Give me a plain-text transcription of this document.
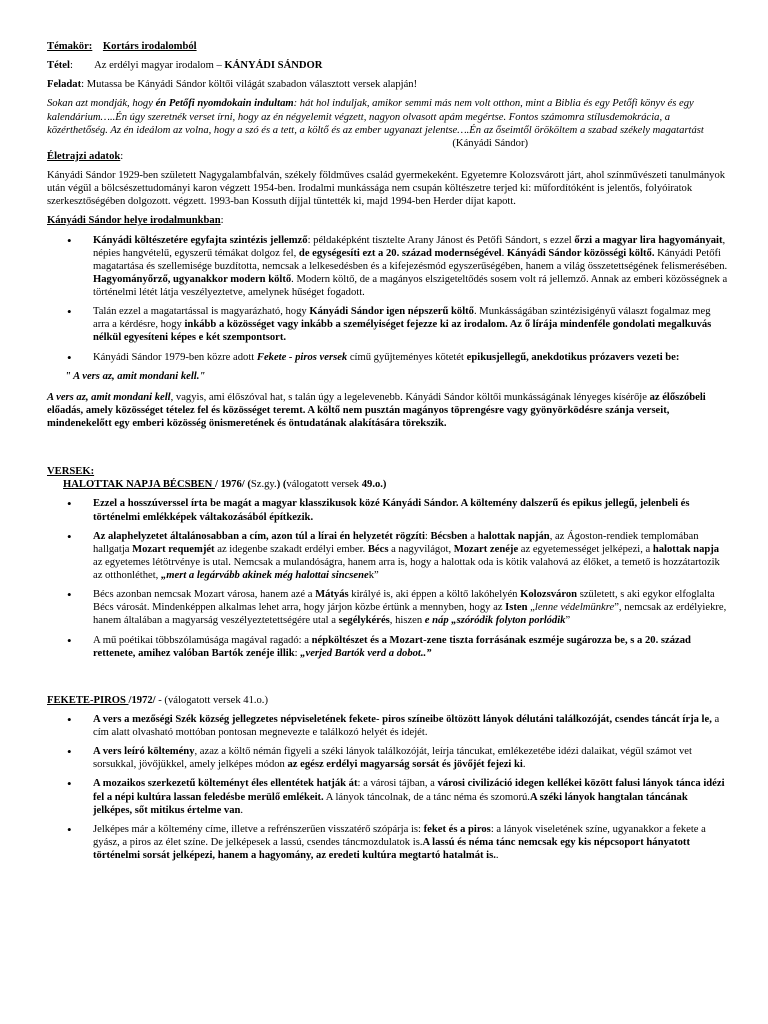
Témakör: Kortárs irodalomból

Tétel: Az erdélyi magyar irodalom – KÁNYÁDI SÁNDOR

Feladat: Mutassa be Kányádi Sándor költői világát szabadon választott versek alapján!

Sokan azt mondják, hogy én Petőfi nyomdokain indultam: hát hol induljak, amikor semmi más nem volt otthon, mint a Biblia és egy Petőfi könyv és egy kalendárium…..Én úgy szeretnék verset írni, hogy az én négyelemit végzett, nagyon olvasott apám megértse. Fontos számomra stílusdemokrácia, a közérthetőség. Az én ideálom az volna, hogy a szó és a tett, a költő és az ember ugyanazt jelentse….Én az őseimtől örököltem a szabad székely magatartást
(Kányádi Sándor)

Életrajzi adatok:

Kányádi Sándor 1929-ben született Nagygalambfalván, székely földműves család gyermekeként. Egyetemre Kolozsvárott járt, ahol színművészeti tanulmányok után végül a bölcsészettudományi karon végzett 1954-ben. Irodalmi munkássága nem csupán költészetre terjed ki: műfordítóként is jelentős, folyóiratok szerkesztőségében dolgozott. végzett. 1993-ban Kossuth díjjal tüntették ki, majd 1994-ben Herder díjat kapott.

Kányádi Sándor helye irodalmunkban:

• Kányádi költészetére egyfajta szintézis jellemző: példaképként tisztelte Arany Jánost és Petőfi Sándort, s ezzel őrzi a magyar lira hagyományait, népies hangvételű, egyszerű témákat dolgoz fel, de egységesíti ezt a 20. század modernségével. Kányádi Sándor közösségi költő. Kányádi Petőfi magatartása és szellemisége buzdította, nemcsak a lelkesedésben és a kifejezésmód egyszerűségében, hanem a világ összetettségének felismerésében. Hagyományőrző, ugyanakkor modern költő. Modern költő, de a magányos elszigeteltődés sosem volt rá jellemző. Annak az emberi közösségnek a történelmi létét látja veszélyeztetve, amelynek hűséget fogadott.
• Talán ezzel a magatartással is magyarázható, hogy Kányádi Sándor igen népszerű költő. Munkásságában szintézisigényű választ fogalmaz meg arra a kérdésre, hogy inkább a közösséget vagy inkább a személyiséget fejezze ki az irodalom. Az ő lírája mindenféle gondolati megalkuvás nélkül egyesíteni képes e két szempontsort.
• Kányádi Sándor 1979-ben közre adott Fekete - piros versek című gyűjteményes kötetét epikusjellegű, anekdotikus prózavers vezeti be:

" A vers az, amit mondani kell."

A vers az, amit mondani kell, vagyis, ami élőszóval hat, s talán úgy a legelevenebb. Kányádi Sándor költői munkásságának lényeges kísérője az élőszóbeli előadás, amely közösséget tételez fel és közösséget teremt. A költő nem pusztán magányos töprengésre vagy gyönyörködésre szánja verseit, mindenekelőtt egy emberi közösség önismeretének és öntudatának alakítására törekszik.

VERSEK:

HALOTTAK NAPJA BÉCSBEN / 1976/ (Sz.gy.) (válogatott versek 49.o.)

• Ezzel a hosszúverssel írta be magát a magyar klasszikusok közé Kányádi Sándor. A költemény dalszerű és epikus jellegű, jelenbeli és történelmi emlékképek váltakozásából építkezik.
• Az alaphelyzetet általánosabban a cím, azon túl a lírai én helyzetét rögzíti: Bécsben a halottak napján, az Ágoston-rendiek templomában hallgatja Mozart requemjét az idegenbe szakadt erdélyi ember. Bécs a nagyvilágot, Mozart zenéje az egyetemességet jelképezi, a halottak napja az egyetemes létötrvénye is utal. Nemcsak a mulandóságra, hanem arra is, hogy a halottak oda is kötik valahová az élőket, a temető is hozzátartozik az otthonléthet, „mert a legárvább akinek még halottai sincsenek”
• Bécs azonban nemcsak Mozart városa, hanem azé a Mátyás királyé is, aki éppen a költő lakóhelyén Kolozsváron született, s aki egykor elfoglalta Bécs városát. Mindenképpen alkalmas lehet arra, hogy járjon közbe értünk a mennyben, hogy az Isten „lenne védelmünkre”, nemcsak az erdélyiekre, hanem általában a magyarság veszélyeztetettségére utal a segélykérés, hiszen e náp „szóródik folyton porlódik”
• A mű poétikai többszólamúsága magával ragadó: a népköltészet és a Mozart-zene tiszta forrásának eszméje sugározza be, s a 20. század rettenete, amihez valóban Bartók zenéje illik: „verjed Bartók verd a dobot..”

FEKETE-PIROS /1972/ - (válogatott versek 41.o.)

• A vers a mezőségi Szék község jellegzetes népviseletének fekete- piros színeibe öltözött lányok délutáni találkozóját, csendes táncát írja le, a cím alatt olvasható mottóban pontosan megnevezte e találkozó helyét és idejét.
• A vers leíró költemény, azaz a költő némán figyeli a széki lányok találkozóját, leírja táncukat, emlékezetébe idézi dalaikat, végül számot vet sorsukkal, jövőjükkel, amely jelképes módon az egész erdélyi magyarság sorsát és jövőjét fejezi ki.
• A mozaikos szerkezetű költeményt éles ellentétek hatják át: a városi tájban, a városi civilizáció idegen kellékei között falusi lányok tánca idézi fel a népi kultúra lassan feledésbe merülő emlékeit. A lányok táncolnak, de a tánc néma és szomorú.A széki lányok hangtalan táncának jelképes, sőt mitikus értelme van.
• Jelképes már a költemény címe, illetve a refrénszerűen visszatérő szópárja is: feket és a piros: a lányok viseletének színe, ugyanakkor a fekete a gyász, a piros az élet színe. De jelképesek a lassú, csendes táncmozdulatok is.A lassú és néma tánc nemcsak egy kis népcsoport hányatott történelmi sorsát jelképezi, hanem a hagyomány, az eredeti kultúra megtartó hatalmát is..
